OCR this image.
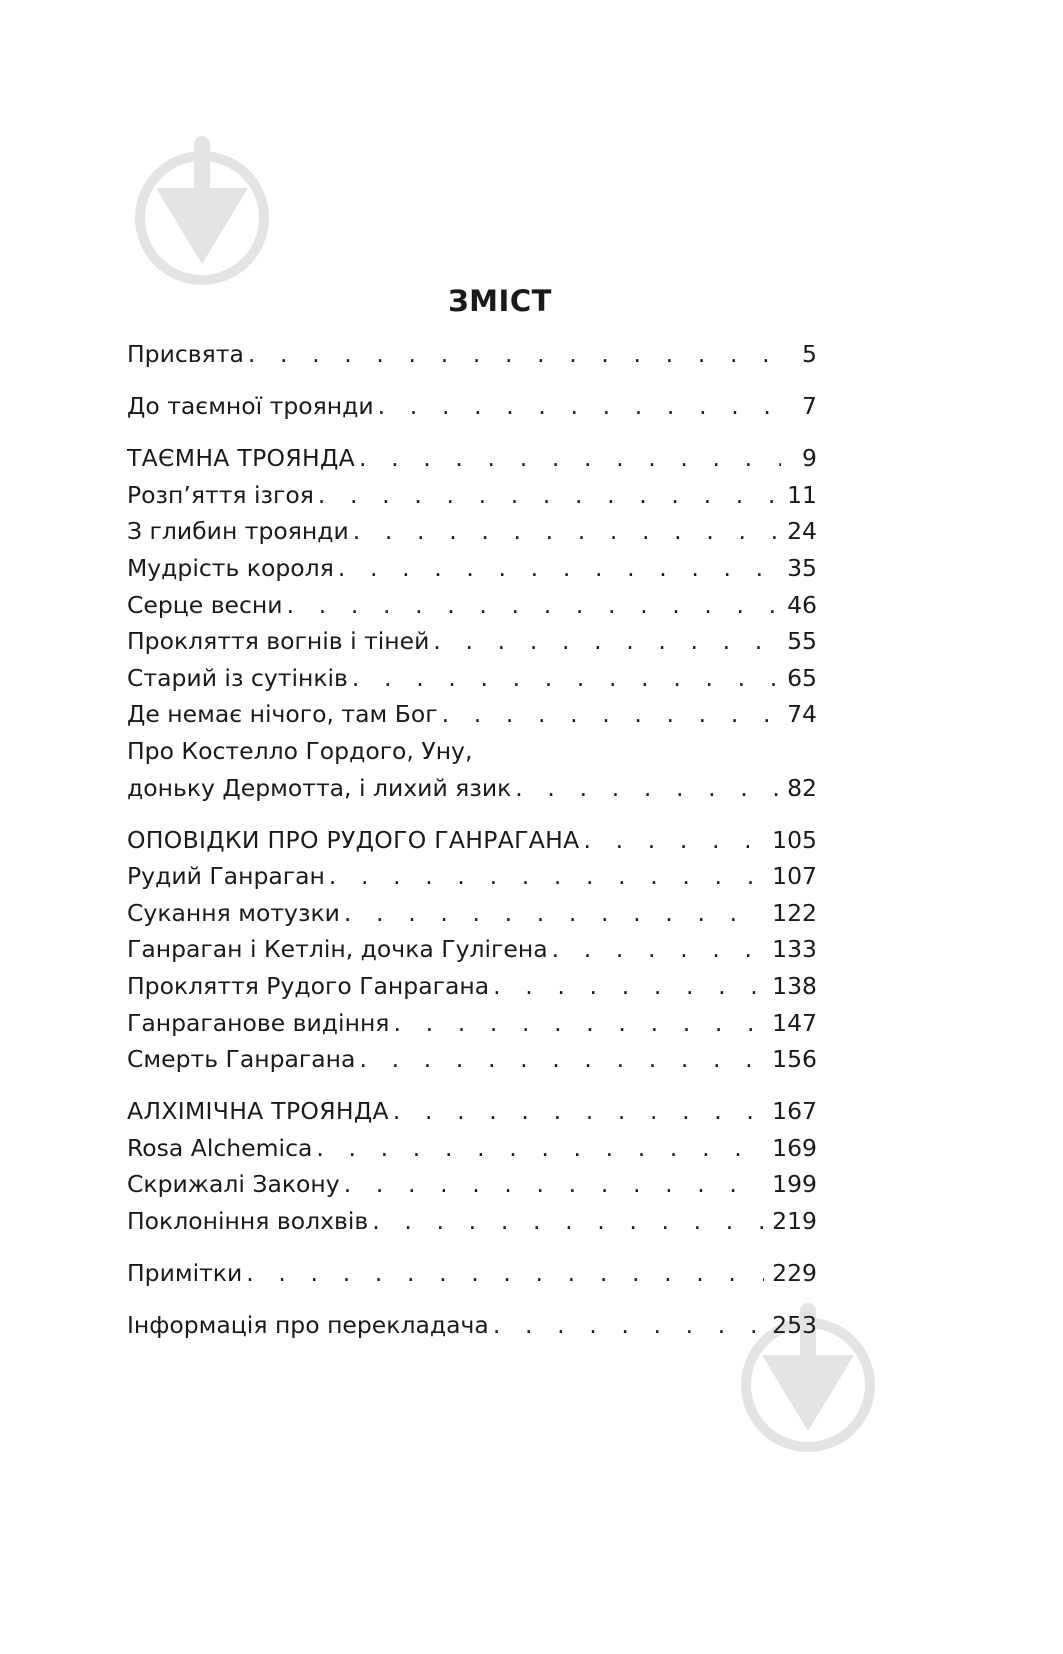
ЗМІСТ
Присвята . . .	5
До таємної троянди . . .	7
ТАЄМНА ТРОЯНДА . . .	9
Розп’яття ізгоя . . .	11
З глибин троянди . . .	24
Мудрість короля . . .	35
Серце весни . . .	46
Прокляття вогнів і тіней . . .	55
Старий із сутінків . . .	65
Де немає нічого, там Бог . . .	74
Про Костелло Гордого, Уну,
доньку Дермотта, і лихий язик . . .	82
ОПОВІДКИ ПРО РУДОГО ГАНРАГАНА . . .	105
Рудий Ганраган . . .	107
Сукання мотузки . . .	122
Ганраган і Кетлін, дочка Гулігена . . .	133
Прокляття Рудого Ганрагана . . .	138
Ганраганове видіння . . .	147
Смерть Ганрагана . . .	156
АЛХІМІЧНА ТРОЯНДА . . .	167
Rosa Alchemica . . .	169
Скрижалі Закону . . .	199
Поклоніння волхвів . . .	219
Примітки . . .	229
Інформація про перекладача . . .	253
